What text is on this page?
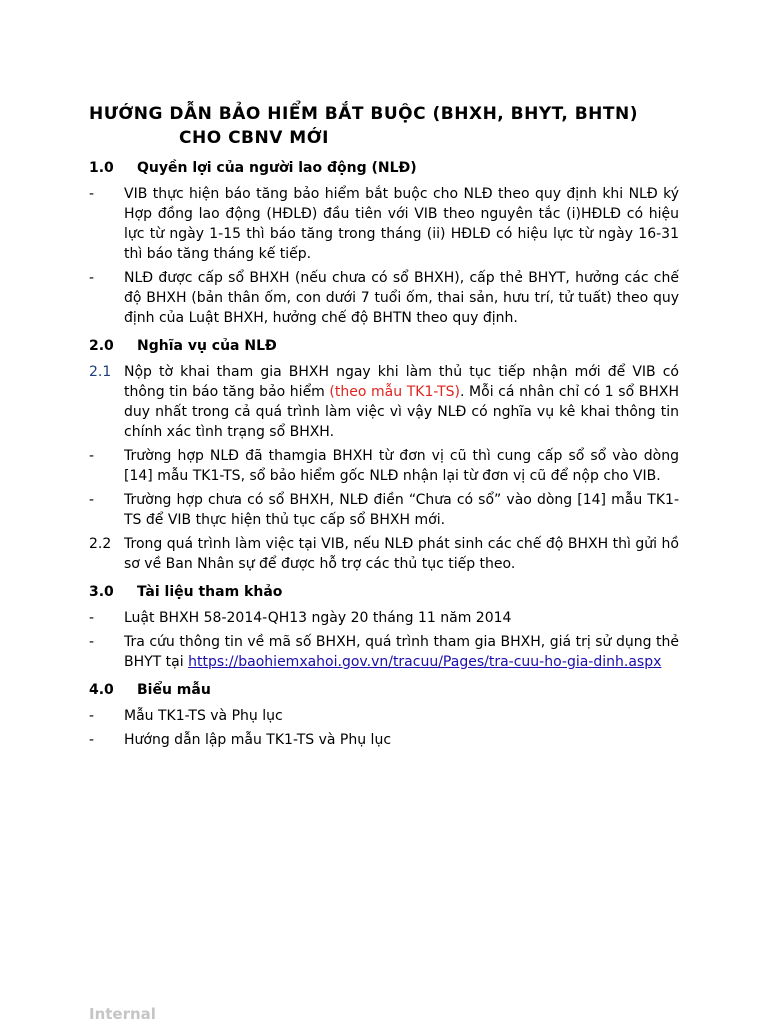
HƯỚNG DẪN BẢO HIỂM BẮT BUỘC (BHXH, BHYT, BHTN)
CHO CBNV MỚI
1.0	Quyền lợi của người lao động (NLĐ)
-	VIB thực hiện báo tăng bảo hiểm bắt buộc cho NLĐ theo quy định khi NLĐ ký Hợp đồng lao động (HĐLĐ) đầu tiên với VIB theo nguyên tắc (i)HĐLĐ có hiệu lực từ ngày 1-15 thì báo tăng trong tháng (ii) HĐLĐ có hiệu lực từ ngày 16-31 thì báo tăng tháng kế tiếp.
-	NLĐ được cấp sổ BHXH (nếu chưa có sổ BHXH), cấp thẻ BHYT, hưởng các chế độ BHXH (bản thân ốm, con dưới 7 tuổi ốm, thai sản, hưu trí, tử tuất) theo quy định của Luật BHXH, hưởng chế độ BHTN theo quy định.
2.0	Nghĩa vụ của NLĐ
2.1 Nộp tờ khai tham gia BHXH ngay khi làm thủ tục tiếp nhận mới để VIB có thông tin báo tăng bảo hiểm (theo mẫu TK1-TS). Mỗi cá nhân chỉ có 1 sổ BHXH duy nhất trong cả quá trình làm việc vì vậy NLĐ có nghĩa vụ kê khai thông tin chính xác tình trạng sổ BHXH.
-	Trường hợp NLĐ đã thamgia BHXH từ đơn vị cũ thì cung cấp sổ sổ vào dòng [14] mẫu TK1-TS, sổ bảo hiểm gốc NLĐ nhận lại từ đơn vị cũ để nộp cho VIB.
-	Trường hợp chưa có sổ BHXH, NLĐ điền “Chưa có sổ” vào dòng [14] mẫu TK1-TS để VIB thực hiện thủ tục cấp sổ BHXH mới.
2.2 Trong quá trình làm việc tại VIB, nếu NLĐ phát sinh các chế độ BHXH thì gửi hồ sơ về Ban Nhân sự để được hỗ trợ các thủ tục tiếp theo.
3.0	Tài liệu tham khảo
-	Luật BHXH 58-2014-QH13 ngày 20 tháng 11 năm 2014
-	Tra cứu thông tin về mã số BHXH, quá trình tham gia BHXH, giá trị sử dụng thẻ BHYT tại https://baohiemxahoi.gov.vn/tracuu/Pages/tra-cuu-ho-gia-dinh.aspx
4.0	Biểu mẫu
-	Mẫu TK1-TS và Phụ lục
-	Hướng dẫn lập mẫu TK1-TS và Phụ lục
Internal
